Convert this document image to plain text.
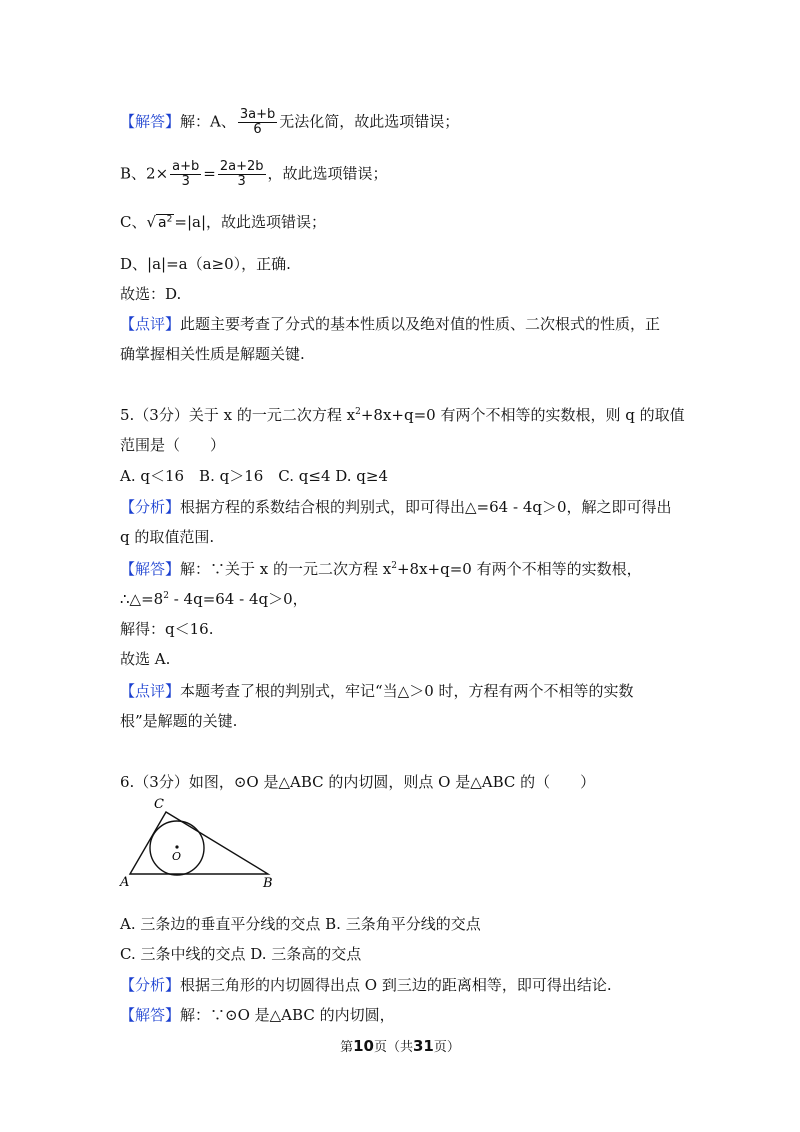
【解答】解：A、 $\frac{3a+b}{6}$ 无法化简，故此选项错误；
B、$2\times \frac{a+b}{3} = \frac{2a+2b}{3}$ ，故此选项错误；
C、√ $a^2 =|a|$，故此选项错误；
D、|a|=a（a≥0），正确.
故选：D.
【点评】此题主要考查了分式的基本性质以及绝对值的性质、二次根式的性质，正
确掌握相关性质是解题关键.
5.（3分）关于 x 的一元二次方程 $x^2+8x+q=0$ 有两个不相等的实数根，则 q 的取值
范围是（　　）
A. q＜16　B. q＞16　C. q≤4 D. q≥4
【分析】根据方程的系数结合根的判别式，即可得出△=64 - 4q＞0，解之即可得出
q 的取值范围.
【解答】解：∵关于 x 的一元二次方程 $x^2+8x+q=0$ 有两个不相等的实数根，
$\therefore\triangle=8^2 - 4q=64 - 4q>0$，
解得：q＜16.
故选 A.
【点评】本题考查了根的判别式，牢记“当△＞0 时，方程有两个不相等的实数
根”是解题的关键.
6.（3分）如图，⊙O 是△ABC 的内切圆，则点 O 是△ABC 的（　　）
C
A	B
O
A. 三条边的垂直平分线的交点 B. 三条角平分线的交点
C. 三条中线的交点 D. 三条高的交点
【分析】根据三角形的内切圆得出点 O 到三边的距离相等，即可得出结论.
【解答】解：∵⊙O 是△ABC 的内切圆，
第10页（共31页）
